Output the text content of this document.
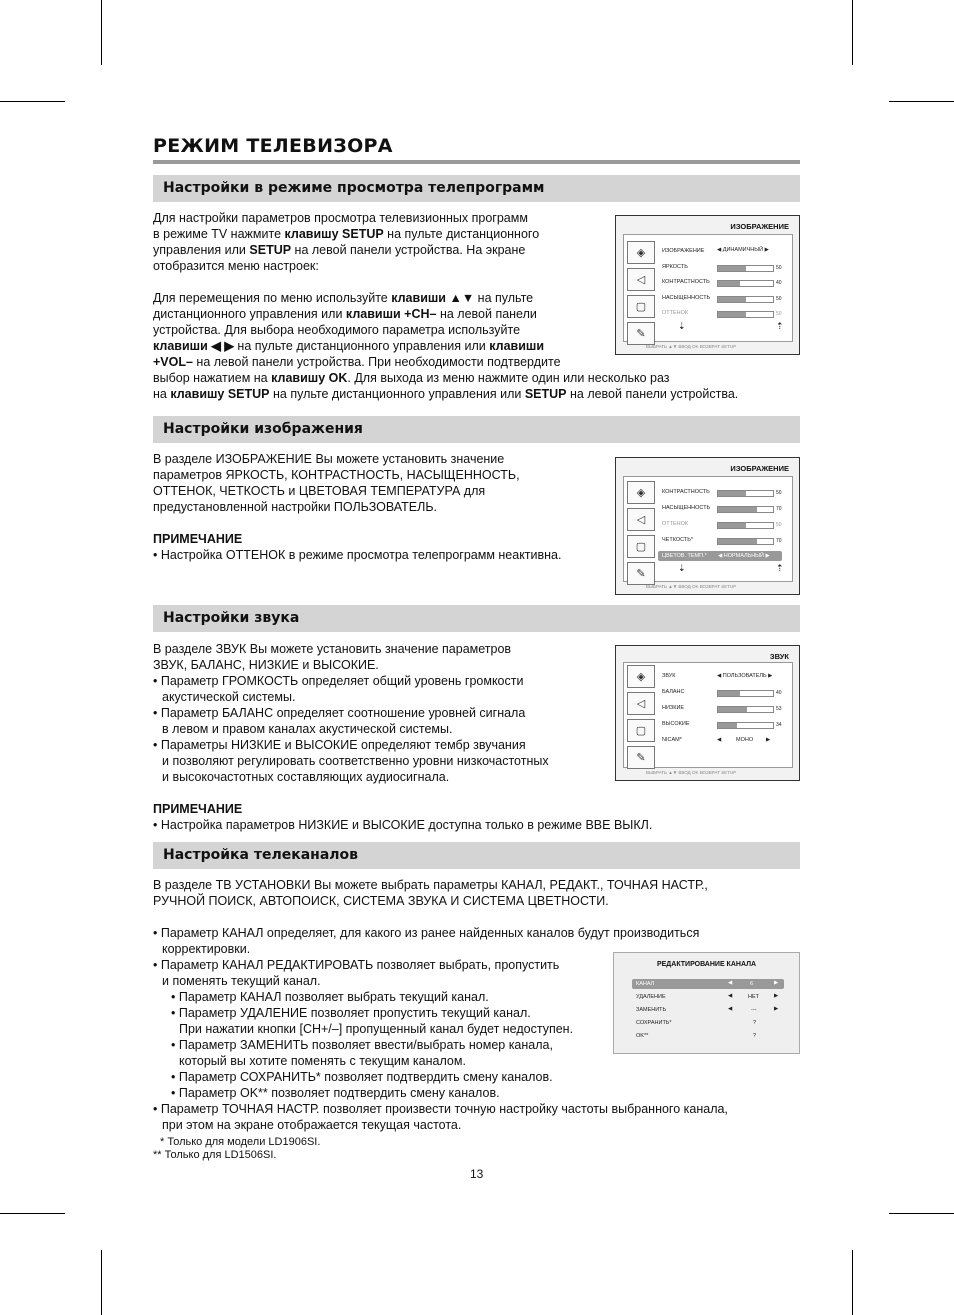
РЕЖИМ ТЕЛЕВИЗОРА
Настройки в режиме просмотра телепрограмм

Для настройки параметров просмотра телевизионных программ

в режиме TV нажмите клавишу SETUP на пульте дистанционного

управления или SETUP на левой панели устройства. На экране

отобразится меню настроек:

Для перемещения по меню используйте клавиши ▲▼ на пульте

дистанционного управления или клавиши +CH– на левой панели

устройства. Для выбора необходимого параметра используйте

клавиши ◀ ▶ на пульте дистанционного управления или клавиши

+VOL– на левой панели устройства. При необходимости подтвердите

выбор нажатием на клавишу OK. Для выхода из меню нажмите один или несколько раз

на клавишу SETUP на пульте дистанционного управления или SETUP на левой панели устройства.

ИЗОБРАЖЕНИЕ
◈
◁
▢
✎
ИЗОБРАЖЕНИЕ ◀ ДИНАМИЧНЫЙ ▶
ЯРКОСТЬ	50
КОНТРАСТНОСТЬ	40
НАСЫЩЕННОСТЬ	50
ОТТЕНОК	50
⇣	⇡
ВЫБРАТЬ ▲▼ ВВОД OK ВОЗВРАТ SETUP
Настройки изображения

В разделе ИЗОБРАЖЕНИЕ Вы можете установить значение

параметров ЯРКОСТЬ, КОНТРАСТНОСТЬ, НАСЫЩЕННОСТЬ,

ОТТЕНОК, ЧЕТКОСТЬ и ЦВЕТОВАЯ ТЕМПЕРАТУРА для

предустановленной настройки ПОЛЬЗОВАТЕЛЬ.

ПРИМЕЧАНИЕ

• Настройка ОТТЕНОК в режиме просмотра телепрограмм неактивна.

ИЗОБРАЖЕНИЕ
◈
◁
▢
✎
КОНТРАСТНОСТЬ	50
НАСЫЩЕННОСТЬ	70
ОТТЕНОК	50
ЧЕТКОСТЬ*	70
ЦВЕТОВ. ТЕМП.* ◀ НОРМАЛЬНЫЙ ▶
⇣	⇡
ВЫБРАТЬ ▲▼ ВВОД OK ВОЗВРАТ SETUP
Настройки звука

В разделе ЗВУК Вы можете установить значение параметров

ЗВУК, БАЛАНС, НИЗКИЕ и ВЫСОКИЕ.

• Параметр ГРОМКОСТЬ определяет общий уровень громкости

акустической системы.

• Параметр БАЛАНС определяет соотношение уровней сигнала

в левом и правом каналах акустической системы.

• Параметры НИЗКИЕ и ВЫСОКИЕ определяют тембр звучания

и позволяют регулировать соответственно уровни низкочастотных

и высокочастотных составляющих аудиосигнала.

ПРИМЕЧАНИЕ

• Настройка параметров НИЗКИЕ и ВЫСОКИЕ доступна только в режиме BBE ВЫКЛ.

ЗВУК
◈
◁
▢
✎
ЗВУК	◀ ПОЛЬЗОВАТЕЛЬ ▶
БАЛАНС	40
НИЗКИЕ	53
ВЫСОКИЕ	34
NICAM*	◀	МОНО ▶
ВЫБРАТЬ ▲▼ ВВОД OK ВОЗВРАТ SETUP
Настройка телеканалов

В разделе ТВ УСТАНОВКИ Вы можете выбрать параметры КАНАЛ, РЕДАКТ., ТОЧНАЯ НАСТР.,

РУЧНОЙ ПОИСК, АВТОПОИСК, СИСТЕМА ЗВУКА И СИСТЕМА ЦВЕТНОСТИ.

• Параметр КАНАЛ определяет, для какого из ранее найденных каналов будут производиться

корректировки.

• Параметр КАНАЛ РЕДАКТИРОВАТЬ позволяет выбрать, пропустить

и поменять текущий канал.

• Параметр КАНАЛ позволяет выбрать текущий канал.

• Параметр УДАЛЕНИЕ позволяет пропустить текущий канал.

При нажатии кнопки [CH+/–] пропущенный канал будет недоступен.

• Параметр ЗАМЕНИТЬ позволяет ввести/выбрать номер канала,

который вы хотите поменять с текущим каналом.

• Параметр СОХРАНИТЬ* позволяет подтвердить смену каналов.

• Параметр OK** позволяет подтвердить смену каналов.

• Параметр ТОЧНАЯ НАСТР. позволяет произвести точную настройку частоты выбранного канала,

при этом на экране отображается текущая частота.

РЕДАКТИРОВАНИЕ КАНАЛА
КАНАЛ	◀	6	▶
УДАЛЕНИЕ	◀	НЕТ	▶
ЗАМЕНИТЬ	◀	---	▶
СОХРАНИТЬ*	?
OK**	?
* Только для модели LD1906SI.
** Только для LD1506SI.
13
